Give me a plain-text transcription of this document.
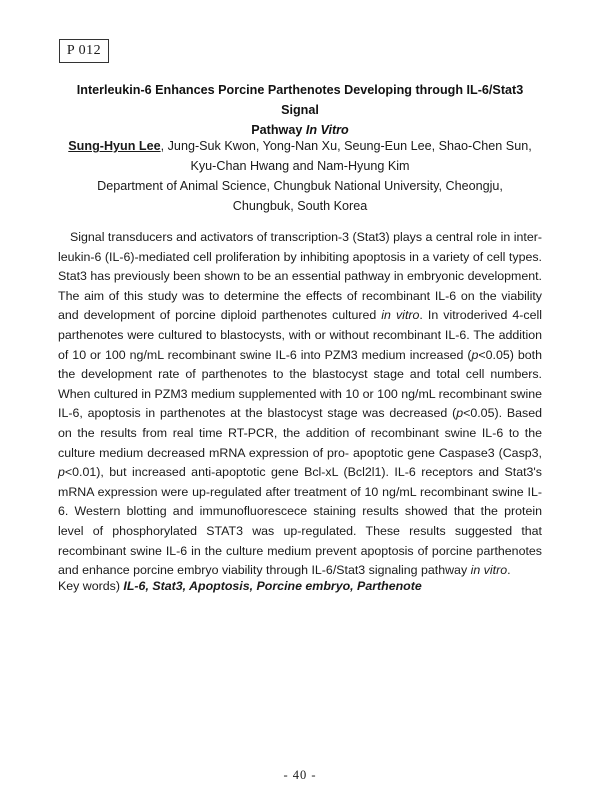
P 012
Interleukin-6 Enhances Porcine Parthenotes Developing through IL-6/Stat3 Signal
Pathway In Vitro
Sung-Hyun Lee, Jung-Suk Kwon, Yong-Nan Xu, Seung-Eun Lee, Shao-Chen Sun,
Kyu-Chan Hwang and Nam-Hyung Kim
Department of Animal Science, Chungbuk National University, Cheongju,
Chungbuk, South Korea
Signal transducers and activators of transcription-3 (Stat3) plays a central role in inter-leukin-6 (IL-6)-mediated cell proliferation by inhibiting apoptosis in a variety of cell types. Stat3 has previously been shown to be an essential pathway in embryonic development. The aim of this study was to determine the effects of recombinant IL-6 on the viability and development of porcine diploid parthenotes cultured in vitro. In vitroderived 4-cell parthenotes were cultured to blastocysts, with or without recombinant IL-6. The addition of 10 or 100 ng/mL recombinant swine IL-6 into PZM3 medium increased (p<0.05) both the development rate of parthenotes to the blastocyst stage and total cell numbers. When cultured in PZM3 medium supplemented with 10 or 100 ng/mL recombinant swine IL-6, apoptosis in parthenotes at the blastocyst stage was decreased (p<0.05). Based on the results from real time RT-PCR, the addition of recombinant swine IL-6 to the culture medium decreased mRNA expression of pro- apoptotic gene Caspase3 (Casp3, p<0.01), but increased anti-apoptotic gene Bcl-xL (Bcl2l1). IL-6 receptors and Stat3's mRNA expression were up-regulated after treatment of 10 ng/mL recombinant swine IL-6. Western blotting and immunofluorescece staining results showed that the protein level of phosphorylated STAT3 was up-regulated. These results suggested that recombinant swine IL-6 in the culture medium prevent apoptosis of porcine parthenotes and enhance porcine embryo viability through IL-6/Stat3 signaling pathway in vitro.
Key words) IL-6, Stat3, Apoptosis, Porcine embryo, Parthenote
- 40 -
